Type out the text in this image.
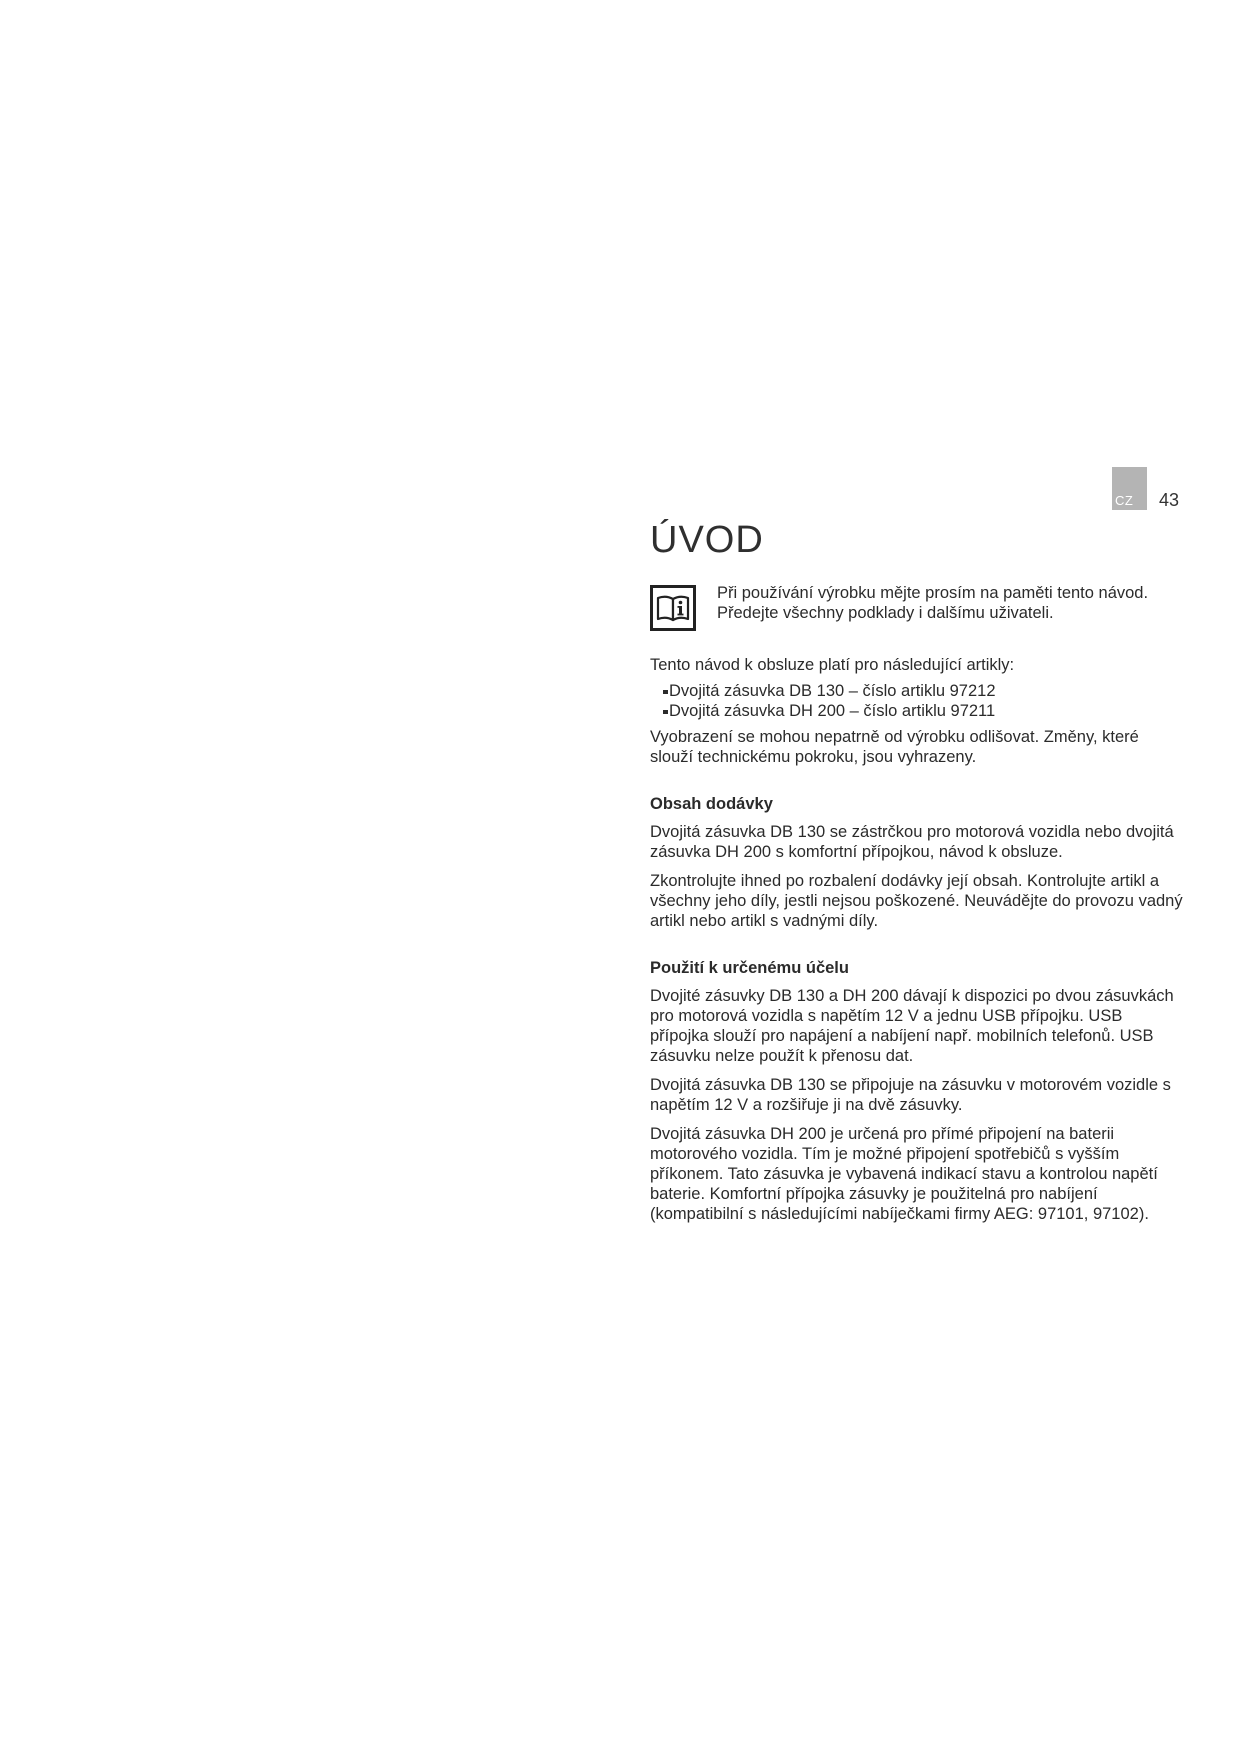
CZ 43
ÚVOD
Při používání výrobku mějte prosím na paměti tento návod.
Předejte všechny podklady i dalšímu uživateli.

Tento návod k obsluze platí pro následující artikly:

Dvojitá zásuvka DB 130 – číslo artiklu 97212
Dvojitá zásuvka DH 200 – číslo artiklu 97211

Vyobrazení se mohou nepatrně od výrobku odlišovat. Změny, které slouží technickému pokroku, jsou vyhrazeny.

Obsah dodávky

Dvojitá zásuvka DB 130 se zástrčkou pro motorová vozidla nebo dvojitá zásuvka DH 200 s komfortní přípojkou, návod k obsluze.

Zkontrolujte ihned po rozbalení dodávky její obsah. Kontrolujte artikl a všechny jeho díly, jestli nejsou poškozené. Neuvádějte do provozu vadný artikl nebo artikl s vadnými díly.

Použití k určenému účelu

Dvojité zásuvky DB 130 a DH 200 dávají k dispozici po dvou zásuvkách pro motorová vozidla s napětím 12 V a jednu USB přípojku. USB přípojka slouží pro napájení a nabíjení např. mobilních telefonů. USB zásuvku nelze použít k přenosu dat.

Dvojitá zásuvka DB 130 se připojuje na zásuvku v motorovém vozidle s napětím 12 V a rozšiřuje ji na dvě zásuvky.

Dvojitá zásuvka DH 200 je určená pro přímé připojení na baterii motorového vozidla. Tím je možné připojení spotřebičů s vyšším příkonem. Tato zásuvka je vybavená indikací stavu a kontrolou napětí baterie. Komfortní přípojka zásuvky je použitelná pro nabíjení (kompatibilní s následujícími nabíječkami firmy AEG: 97101, 97102).
